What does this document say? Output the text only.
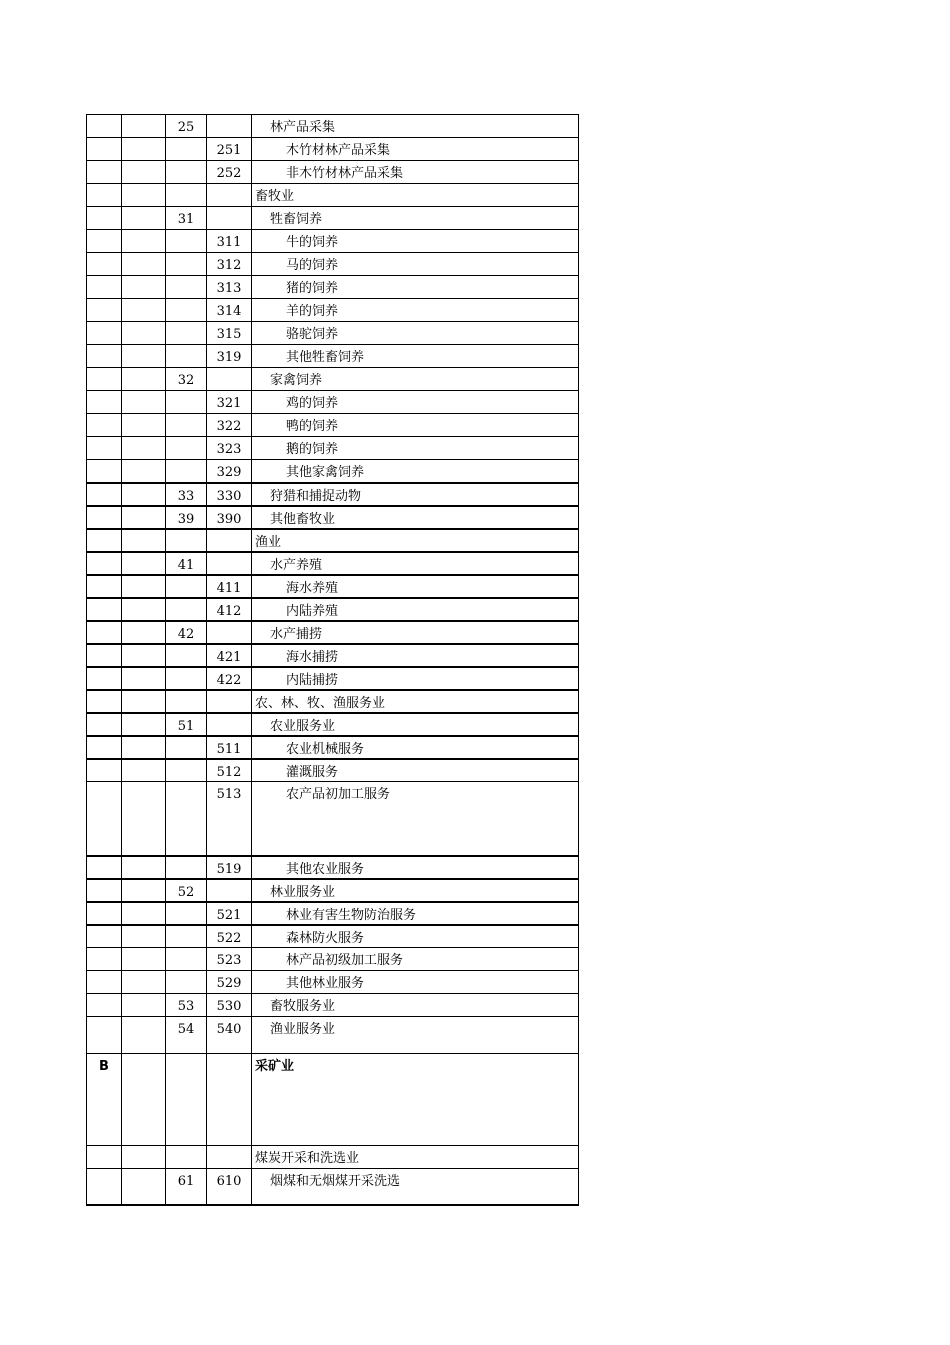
		25		林产品采集
			251	木竹材林产品采集
			252	非木竹材林产品采集
				畜牧业
		31		牲畜饲养
			311	牛的饲养
			312	马的饲养
			313	猪的饲养
			314	羊的饲养
			315	骆驼饲养
			319	其他牲畜饲养
		32		家禽饲养
			321	鸡的饲养
			322	鸭的饲养
			323	鹅的饲养
			329	其他家禽饲养
		33	330	狩猎和捕捉动物
		39	390	其他畜牧业
				渔业
		41		水产养殖
			411	海水养殖
			412	内陆养殖
		42		水产捕捞
			421	海水捕捞
			422	内陆捕捞
				农、林、牧、渔服务业
		51		农业服务业
			511	农业机械服务
			512	灌溉服务
			513	农产品初加工服务
			519	其他农业服务
		52		林业服务业
			521	林业有害生物防治服务
			522	森林防火服务
			523	林产品初级加工服务
			529	其他林业服务
		53	530	畜牧服务业
		54	540	渔业服务业
B				采矿业
				煤炭开采和洗选业
		61	610	烟煤和无烟煤开采洗选
